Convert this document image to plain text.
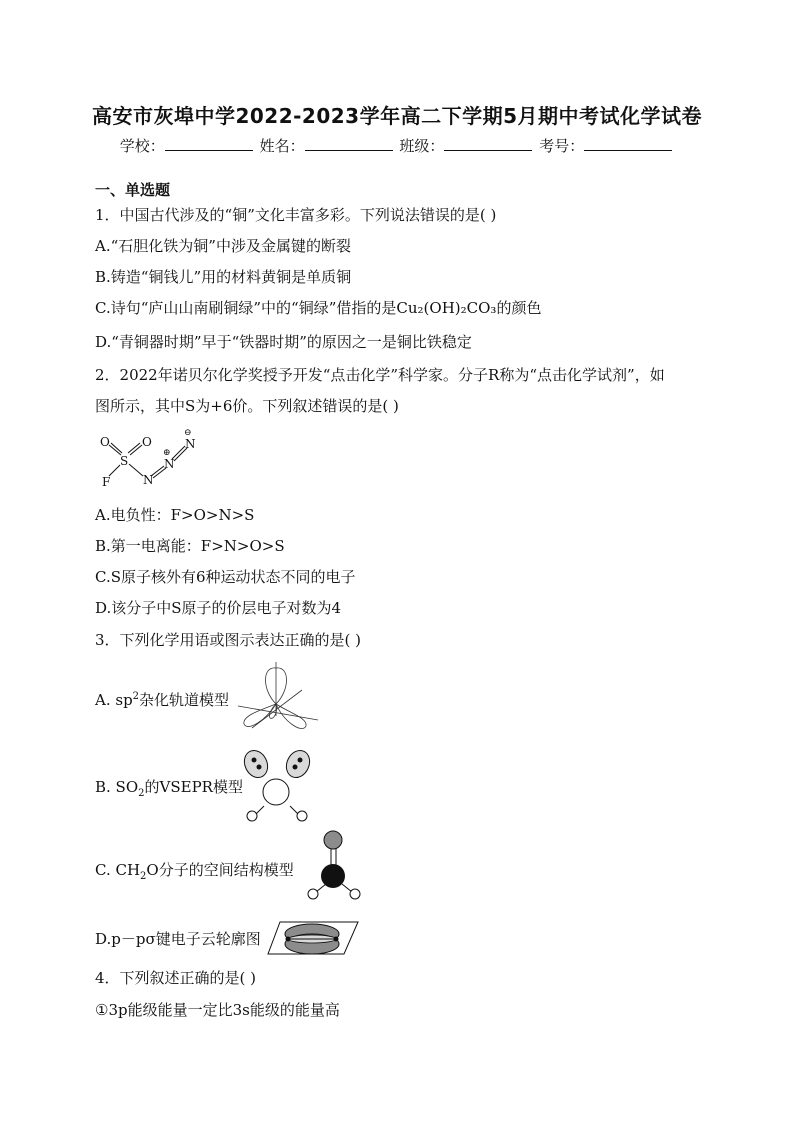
高安市灰埠中学2022-2023学年高二下学期5月期中考试化学试卷
学校：	姓名：	班级：	考号：
一、单选题
1．中国古代涉及的“铜”文化丰富多彩。下列说法错误的是( )
A.“石胆化铁为铜”中涉及金属键的断裂
B.铸造“铜钱儿”用的材料黄铜是单质铜
C.诗句“庐山山南刷铜绿”中的“铜绿”借指的是Cu₂(OH)₂CO₃的颜色
D.“青铜器时期”早于“铁器时期”的原因之一是铜比铁稳定
2．2022年诺贝尔化学奖授予开发“点击化学”科学家。分子R称为“点击化学试剂”，如
图所示，其中S为+6价。下列叙述错误的是( )
O	O
S
F	N
N
N
⊕
⊖
A.电负性：F>O>N>S
B.第一电离能：F>N>O>S
C.S原子核外有6种运动状态不同的电子
D.该分子中S原子的价层电子对数为4
3．下列化学用语或图示表达正确的是( )
A. $sp^2$杂化轨道模型
B. $SO_2$的VSEPR模型
C. $CH_2O$分子的空间结构模型
D.p－pσ键电子云轮廓图
4．下列叙述正确的是( )
①3p能级能量一定比3s能级的能量高
